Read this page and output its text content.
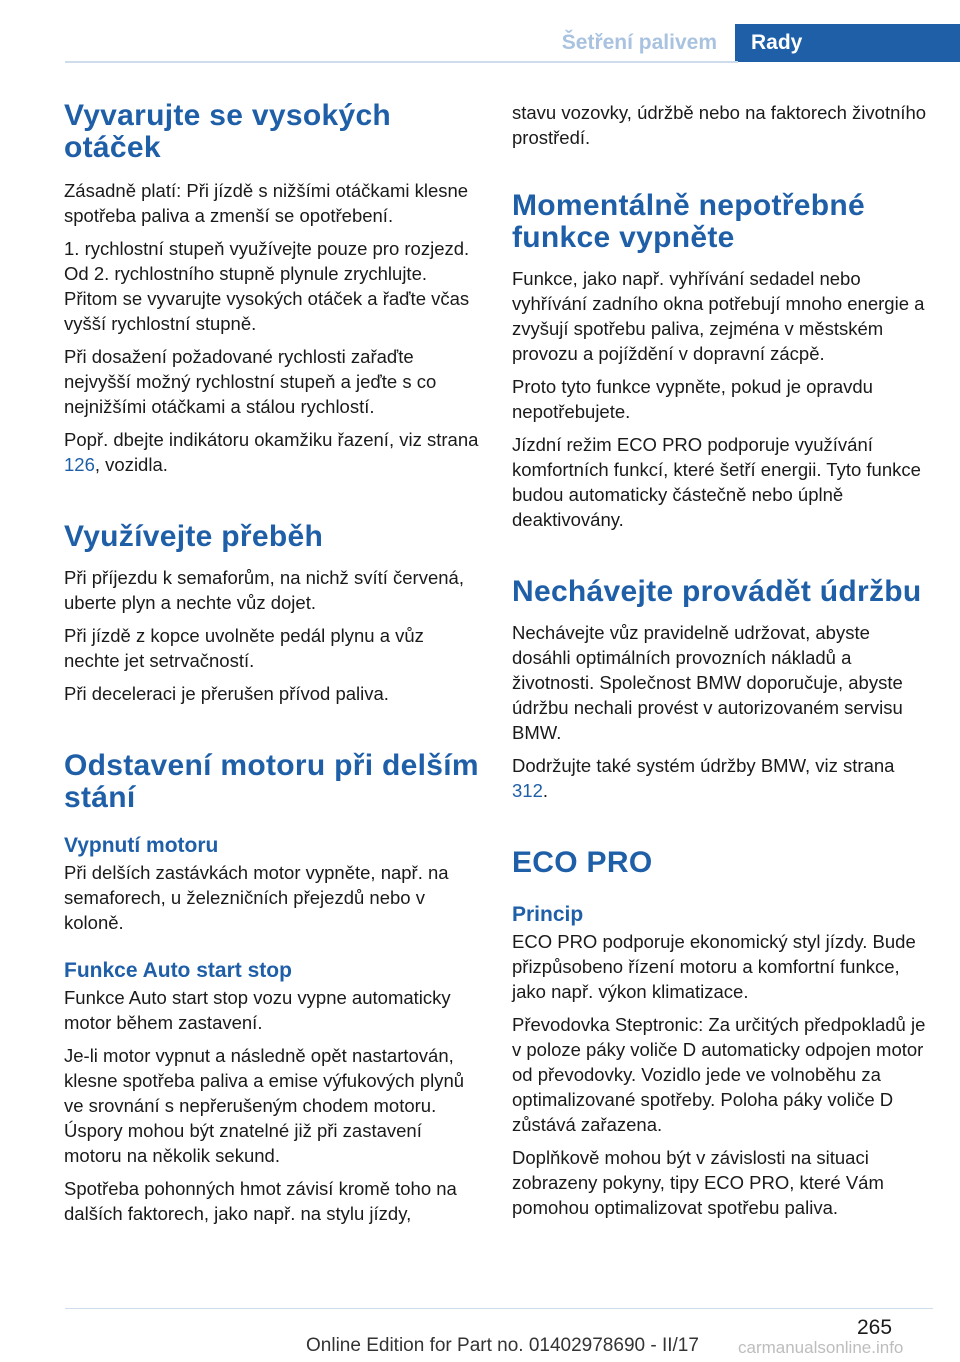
Šetření palivem	Rady
Vyvarujte se vysokých otáček

Zásadně platí: Při jízdě s nižšími otáčkami klesne spotřeba paliva a zmenší se opotřebení.

1. rychlostní stupeň využívejte pouze pro rozjezd. Od 2. rychlostního stupně plynule zrychlujte. Přitom se vyvarujte vysokých otáček a řaďte včas vyšší rychlostní stupně.

Při dosažení požadované rychlosti zařaďte nejvyšší možný rychlostní stupeň a jeďte s co nejnižšími otáčkami a stálou rychlostí.

Popř. dbejte indikátoru okamžiku řazení, viz strana 126, vozidla.

Využívejte přeběh

Při příjezdu k semaforům, na nichž svítí červená, uberte plyn a nechte vůz dojet.

Při jízdě z kopce uvolněte pedál plynu a vůz nechte jet setrvačností.

Při deceleraci je přerušen přívod paliva.

Odstavení motoru při delším stání
Vypnutí motoru

Při delších zastávkách motor vypněte, např. na semaforech, u železničních přejezdů nebo v koloně.

Funkce Auto start stop

Funkce Auto start stop vozu vypne automaticky motor během zastavení.

Je-li motor vypnut a následně opět nastartován, klesne spotřeba paliva a emise výfukových plynů ve srovnání s nepřerušeným chodem motoru. Úspory mohou být znatelné již při zastavení motoru na několik sekund.

Spotřeba pohonných hmot závisí kromě toho na dalších faktorech, jako např. na stylu jízdy,

stavu vozovky, údržbě nebo na faktorech životního prostředí.

Momentálně nepotřebné funkce vypněte

Funkce, jako např. vyhřívání sedadel nebo vyhřívání zadního okna potřebují mnoho energie a zvyšují spotřebu paliva, zejména v městském provozu a pojíždění v dopravní zácpě.

Proto tyto funkce vypněte, pokud je opravdu nepotřebujete.

Jízdní režim ECO PRO podporuje využívání komfortních funkcí, které šetří energii. Tyto funkce budou automaticky částečně nebo úplně deaktivovány.

Nechávejte provádět údržbu

Nechávejte vůz pravidelně udržovat, abyste dosáhli optimálních provozních nákladů a životnosti. Společnost BMW doporučuje, abyste údržbu nechali provést v autorizovaném servisu BMW.

Dodržujte také systém údržby BMW, viz strana 312.

ECO PRO
Princip

ECO PRO podporuje ekonomický styl jízdy. Bude přizpůsobeno řízení motoru a komfortní funkce, jako např. výkon klimatizace.

Převodovka Steptronic: Za určitých předpokladů je v poloze páky voliče D automaticky odpojen motor od převodovky. Vozidlo jede ve volnoběhu za optimalizované spotřeby. Poloha páky voliče D zůstává zařazena.

Doplňkově mohou být v závislosti na situaci zobrazeny pokyny, tipy ECO PRO, které Vám pomohou optimalizovat spotřebu paliva.

265
Online Edition for Part no. 01402978690 - II/17 carmanualsonline.info
